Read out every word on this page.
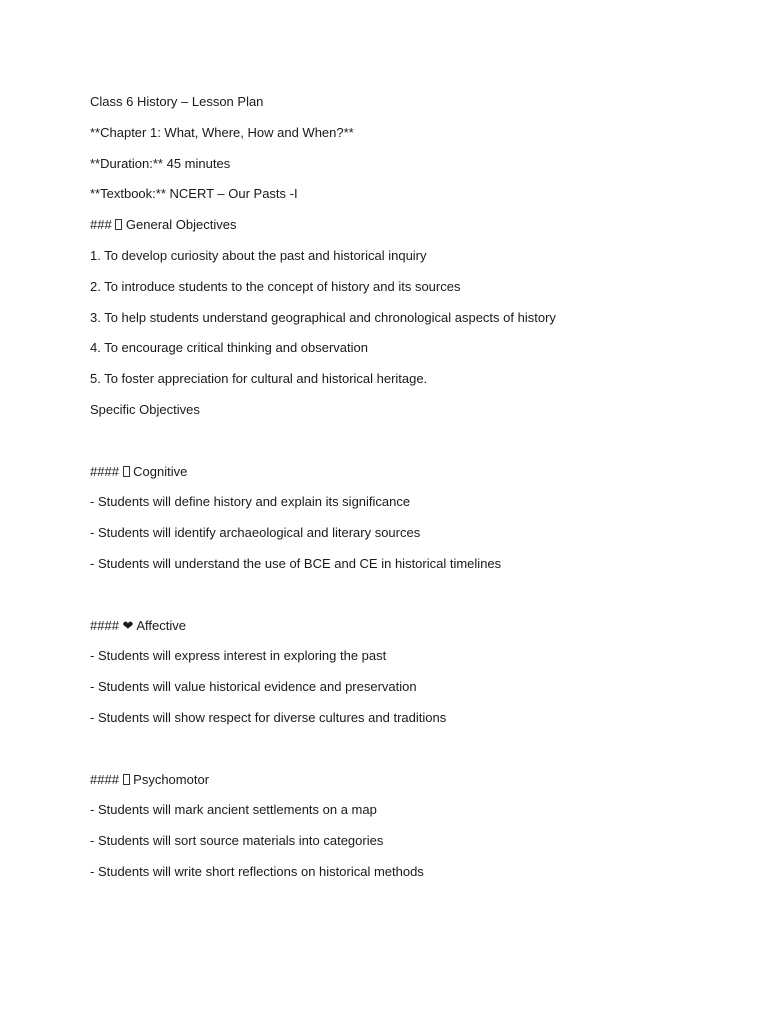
Class 6 History – Lesson Plan
**Chapter 1: What, Where, How and When?**
**Duration:** 45 minutes
**Textbook:** NCERT – Our Pasts -I
###  General Objectives
1. To develop curiosity about the past and historical inquiry
2. To introduce students to the concept of history and its sources
3. To help students understand geographical and chronological aspects of history
4. To encourage critical thinking and observation
5. To foster appreciation for cultural and historical heritage.
Specific Objectives
####  Cognitive
- Students will define history and explain its significance
- Students will identify archaeological and literary sources
- Students will understand the use of BCE and CE in historical timelines
#### ❤ Affective
- Students will express interest in exploring the past
- Students will value historical evidence and preservation
- Students will show respect for diverse cultures and traditions
####  Psychomotor
- Students will mark ancient settlements on a map
- Students will sort source materials into categories
- Students will write short reflections on historical methods
